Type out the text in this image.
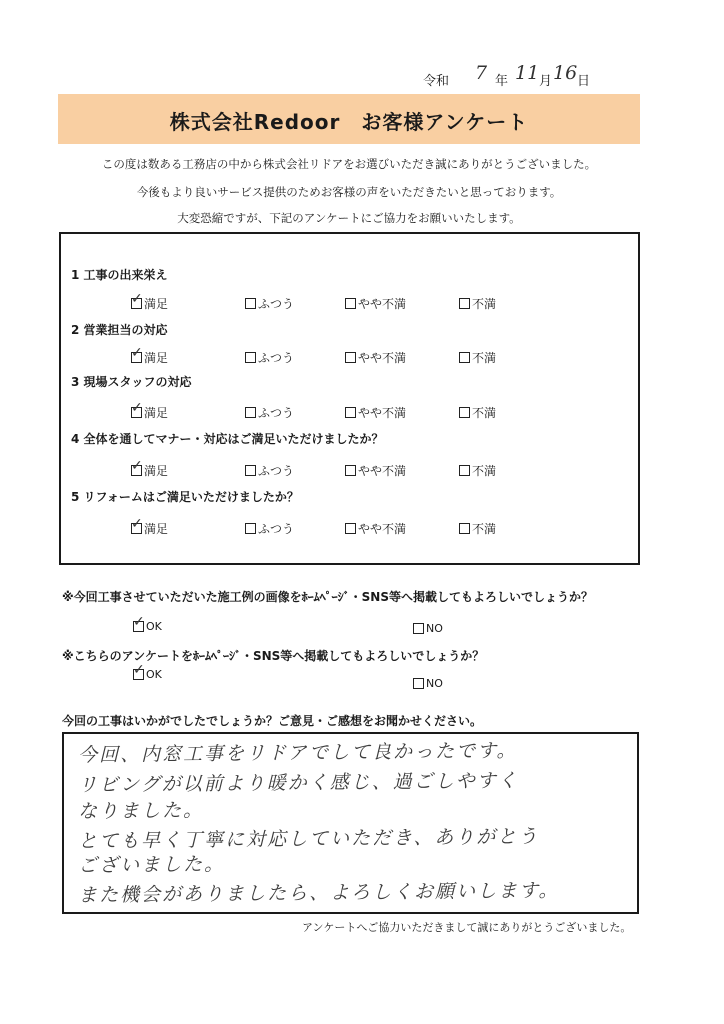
令和 7 年 11 月 16 日
株式会社Redoor　お客様アンケート
この度は数ある工務店の中から株式会社リドアをお選びいただき誠にありがとうございました。
今後もより良いサービス提供のためお客様の声をいただきたいと思っております。
大変恐縮ですが、下記のアンケートにご協力をお願いいたします。
1 工事の出来栄え
✓ 満足	ふつう	やや不満	不満
2 営業担当の対応
✓ 満足	ふつう	やや不満	不満
3 現場スタッフの対応
✓ 満足	ふつう	やや不満	不満
4 全体を通してマナー・対応はご満足いただけましたか？
✓ 満足	ふつう	やや不満	不満
5 リフォームはご満足いただけましたか？
✓ 満足	ふつう	やや不満	不満
※今回工事させていただいた施工例の画像をﾎｰﾑﾍﾟｰｼﾞ・SNS等へ掲載してもよろしいでしょうか？
✓ OK	NO
※こちらのアンケートをﾎｰﾑﾍﾟｰｼﾞ・SNS等へ掲載してもよろしいでしょうか？
✓ OK
NO
今回の工事はいかがでしたでしょうか？ご意見・ご感想をお聞かせください。
今回、内窓工事をリドアでして良かったです。
リビングが以前より暖かく感じ、過ごしやすく
なりました。
とても早く丁寧に対応していただき、ありがとう
ございました。
また機会がありましたら、よろしくお願いします。
アンケートへご協力いただきまして誠にありがとうございました。
